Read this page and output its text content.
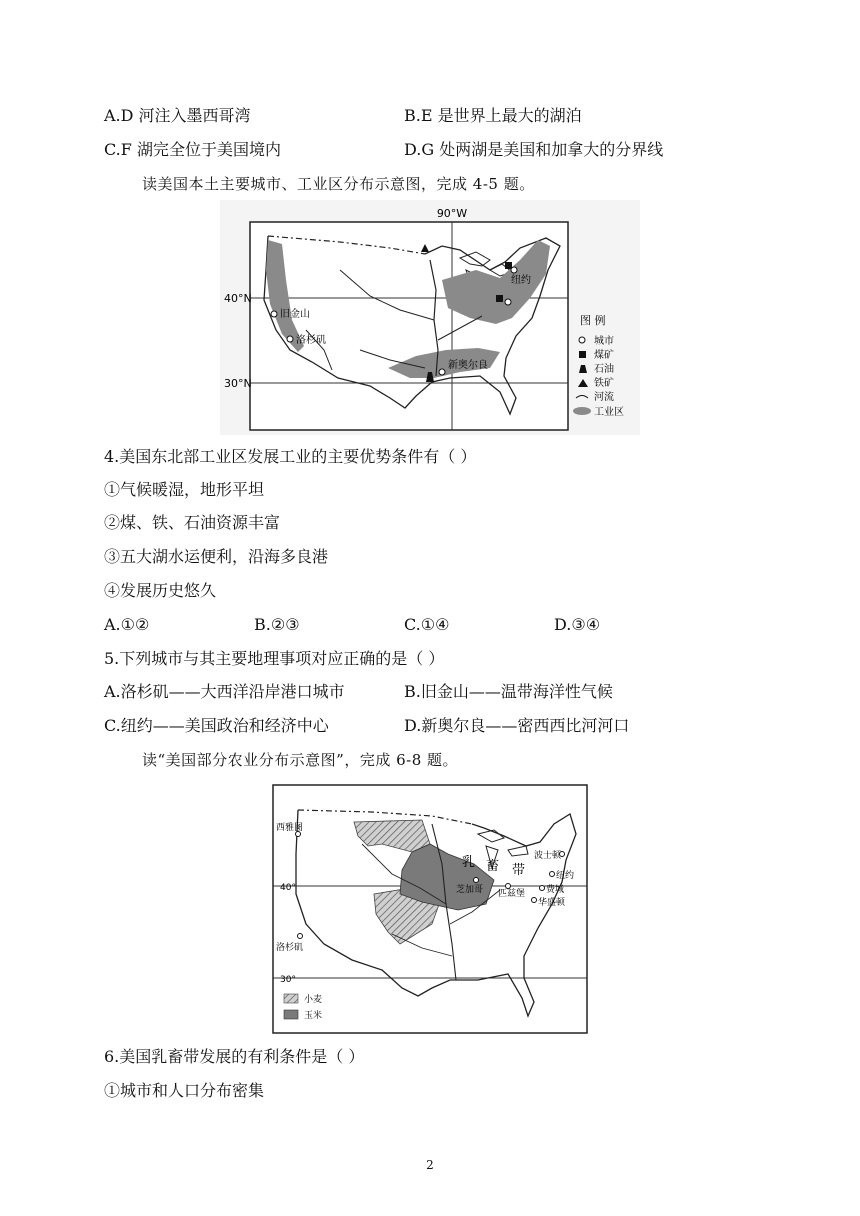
A.D 河注入墨西哥湾	B.E 是世界上最大的湖泊
C.F 湖完全位于美国境内	D.G 处两湖是美国和加拿大的分界线
读美国本土主要城市、工业区分布示意图，完成 4-5 题。
90°W
40°N
30°N
旧金山
洛杉矶
纽约
新奥尔良
图 例
城市
煤矿
石油
铁矿
河流
工业区
4.美国东北部工业区发展工业的主要优势条件有（ ）
①气候暖湿，地形平坦
②煤、铁、石油资源丰富
③五大湖水运便利，沿海多良港
④发展历史悠久
A.①②	B.②③	C.①④	D.③④
5.下列城市与其主要地理事项对应正确的是（ ）
A.洛杉矶——大西洋沿岸港口城市	B.旧金山——温带海洋性气候
C.纽约——美国政治和经济中心	D.新奥尔良——密西西比河河口
读“美国部分农业分布示意图”，完成 6-8 题。
西雅图
洛杉矶
芝加哥 匹兹堡
波士顿
纽约
费城
华盛顿
乳 畜 带
40°
30°
小麦
玉米
6.美国乳畜带发展的有利条件是（ ）
①城市和人口分布密集
2
